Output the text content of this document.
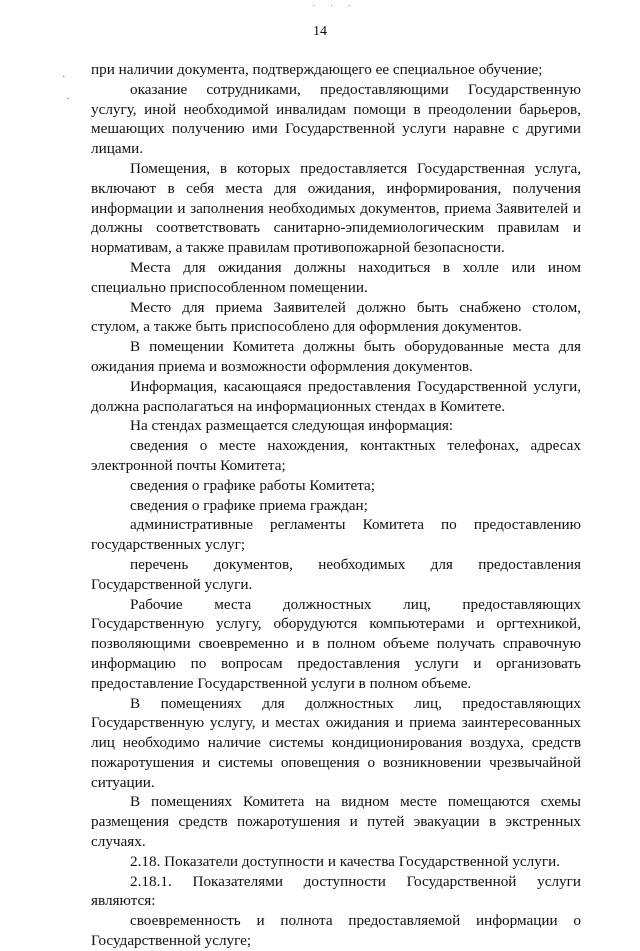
˙ ˙ ˙
14
·
·

при наличии документа, подтверждающего ее специальное обучение;

оказание сотрудниками, предоставляющими Государственную услугу, иной необходимой инвалидам помощи в преодолении барьеров, мешающих получению ими Государственной услуги наравне с другими лицами.

Помещения, в которых предоставляется Государственная услуга, включают в себя места для ожидания, информирования, получения информации и заполнения необходимых документов, приема Заявителей и должны соответствовать санитарно-эпидемиологическим правилам и нормативам, а также правилам противопожарной безопасности.

Места для ожидания должны находиться в холле или ином специально приспособленном помещении.

Место для приема Заявителей должно быть снабжено столом, стулом, а также быть приспособлено для оформления документов.

В помещении Комитета должны быть оборудованные места для ожидания приема и возможности оформления документов.

Информация, касающаяся предоставления Государственной услуги, должна располагаться на информационных стендах в Комитете.

На стендах размещается следующая информация:

сведения о месте нахождения, контактных телефонах, адресах электронной почты Комитета;

сведения о графике работы Комитета;

сведения о графике приема граждан;

административные регламенты Комитета по предоставлению государственных услуг;

перечень документов, необходимых для предоставления Государственной услуги.

Рабочие места должностных лиц, предоставляющих Государственную услугу, оборудуются компьютерами и оргтехникой, позволяющими своевременно и в полном объеме получать справочную информацию по вопросам предоставления услуги и организовать предоставление Государственной услуги в полном объеме.

В помещениях для должностных лиц, предоставляющих Государственную услугу, и местах ожидания и приема заинтересованных лиц необходимо наличие системы кондиционирования воздуха, средств пожаротушения и системы оповещения о возникновении чрезвычайной ситуации.

В помещениях Комитета на видном месте помещаются схемы размещения средств пожаротушения и путей эвакуации в экстренных случаях.

2.18. Показатели доступности и качества Государственной услуги.

2.18.1. Показателями доступности Государственной услуги являются:

своевременность и полнота предоставляемой информации о Государственной услуге;
